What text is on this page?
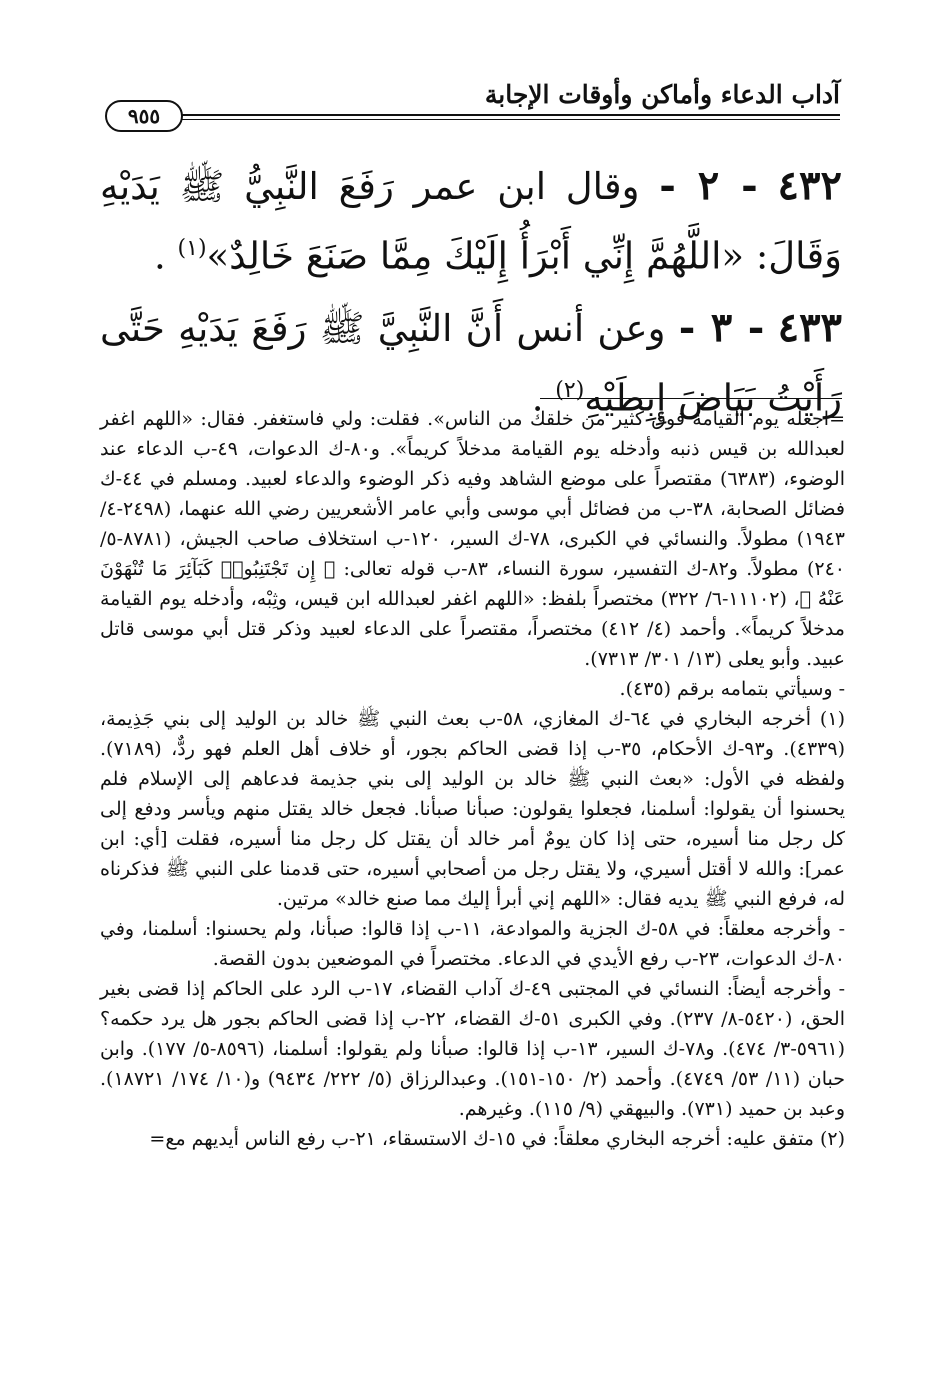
آداب الدعاء وأماكن وأوقات الإجابة
٩٥٥

٤٣٢ - ٢ - وقال ابن عمر رَفَعَ النَّبِيُّ ﷺ يَدَيْهِ وَقَالَ: «اللَّهُمَّ إِنِّي أَبْرَأُ إِلَيْكَ مِمَّا صَنَعَ خَالِدٌ»$^{(١)}$ .

٤٣٣ - ٣ - وعن أنس أَنَّ النَّبِيَّ ﷺ رَفَعَ يَدَيْهِ حَتَّى رَأَيْتُ بَيَاضَ إِبِطَيْهِ$^{(٢)}$ .

=اجعله يوم القيامة فوق كثير من خلقك من الناس». فقلت: ولي فاستغفر. فقال: «اللهم اغفر لعبدالله بن قيس ذنبه وأدخله يوم القيامة مدخلاً كريماً». و٨٠-ك الدعوات، ٤٩-ب الدعاء عند الوضوء، (٦٣٨٣) مقتصراً على موضع الشاهد وفيه ذكر الوضوء والدعاء لعبيد. ومسلم في ٤٤-ك فضائل الصحابة، ٣٨-ب من فضائل أبي موسى وأبي عامر الأشعريين رضي الله عنهما، (٢٤٩٨-٤/ ١٩٤٣) مطولاً. والنسائي في الكبرى، ٧٨-ك السير، ١٢٠-ب استخلاف صاحب الجيش، (٨٧٨١-٥/ ٢٤٠) مطولاً. و٨٢-ك التفسير، سورة النساء، ٨٣-ب قوله تعالى: ﴿ إِن تَجْتَنِبُوا۟ كَبَآئِرَ مَا تُنْهَوْنَ عَنْهُ ﴾، (١١١٠٢-٦/ ٣٢٢) مختصراً بلفظ: «اللهم اغفر لعبدالله ابن قيس، وثِبْه، وأدخله يوم القيامة مدخلاً كريماً». وأحمد (٤/ ٤١٢) مختصراً، مقتصراً على الدعاء لعبيد وذكر قتل أبي موسى قاتل عبيد. وأبو يعلى (١٣/ ٣٠١/ ٧٣١٣).

- وسيأتي بتمامه برقم (٤٣٥).

(١) أخرجه البخاري في ٦٤-ك المغازي، ٥٨-ب بعث النبي ﷺ خالد بن الوليد إلى بني جَذِيمة، (٤٣٣٩). و٩٣-ك الأحكام، ٣٥-ب إذا قضى الحاكم بجور، أو خلاف أهل العلم فهو ردٌّ، (٧١٨٩). ولفظه في الأول: «بعث النبي ﷺ خالد بن الوليد إلى بني جذيمة فدعاهم إلى الإسلام فلم يحسنوا أن يقولوا: أسلمنا، فجعلوا يقولون: صبأنا صبأنا. فجعل خالد يقتل منهم ويأسر ودفع إلى كل رجل منا أسيره، حتى إذا كان يومٌ أمر خالد أن يقتل كل رجل منا أسيره، فقلت [أي: ابن عمر]: والله لا أقتل أسيري، ولا يقتل رجل من أصحابي أسيره، حتى قدمنا على النبي ﷺ فذكرناه له، فرفع النبي ﷺ يديه فقال: «اللهم إني أبرأ إليك مما صنع خالد» مرتين.

- وأخرجه معلقاً: في ٥٨-ك الجزية والموادعة، ١١-ب إذا قالوا: صبأنا، ولم يحسنوا: أسلمنا، وفي ٨٠-ك الدعوات، ٢٣-ب رفع الأيدي في الدعاء. مختصراً في الموضعين بدون القصة.

- وأخرجه أيضاً: النسائي في المجتبى ٤٩-ك آداب القضاء، ١٧-ب الرد على الحاكم إذا قضى بغير الحق، (٥٤٢٠-٨/ ٢٣٧). وفي الكبرى ٥١-ك القضاء، ٢٢-ب إذا قضى الحاكم بجور هل يرد حكمه؟ (٥٩٦١-٣/ ٤٧٤). و٧٨-ك السير، ١٣-ب إذا قالوا: صبأنا ولم يقولوا: أسلمنا، (٨٥٩٦-٥/ ١٧٧). وابن حبان (١١/ ٥٣/ ٤٧٤٩). وأحمد (٢/ ١٥٠-١٥١). وعبدالرزاق (٥/ ٢٢٢/ ٩٤٣٤) و(١٠/ ١٧٤/ ١٨٧٢١). وعبد بن حميد (٧٣١). والبيهقي (٩/ ١١٥). وغيرهم.

(٢) متفق عليه: أخرجه البخاري معلقاً: في ١٥-ك الاستسقاء، ٢١-ب رفع الناس أيديهم مع=
